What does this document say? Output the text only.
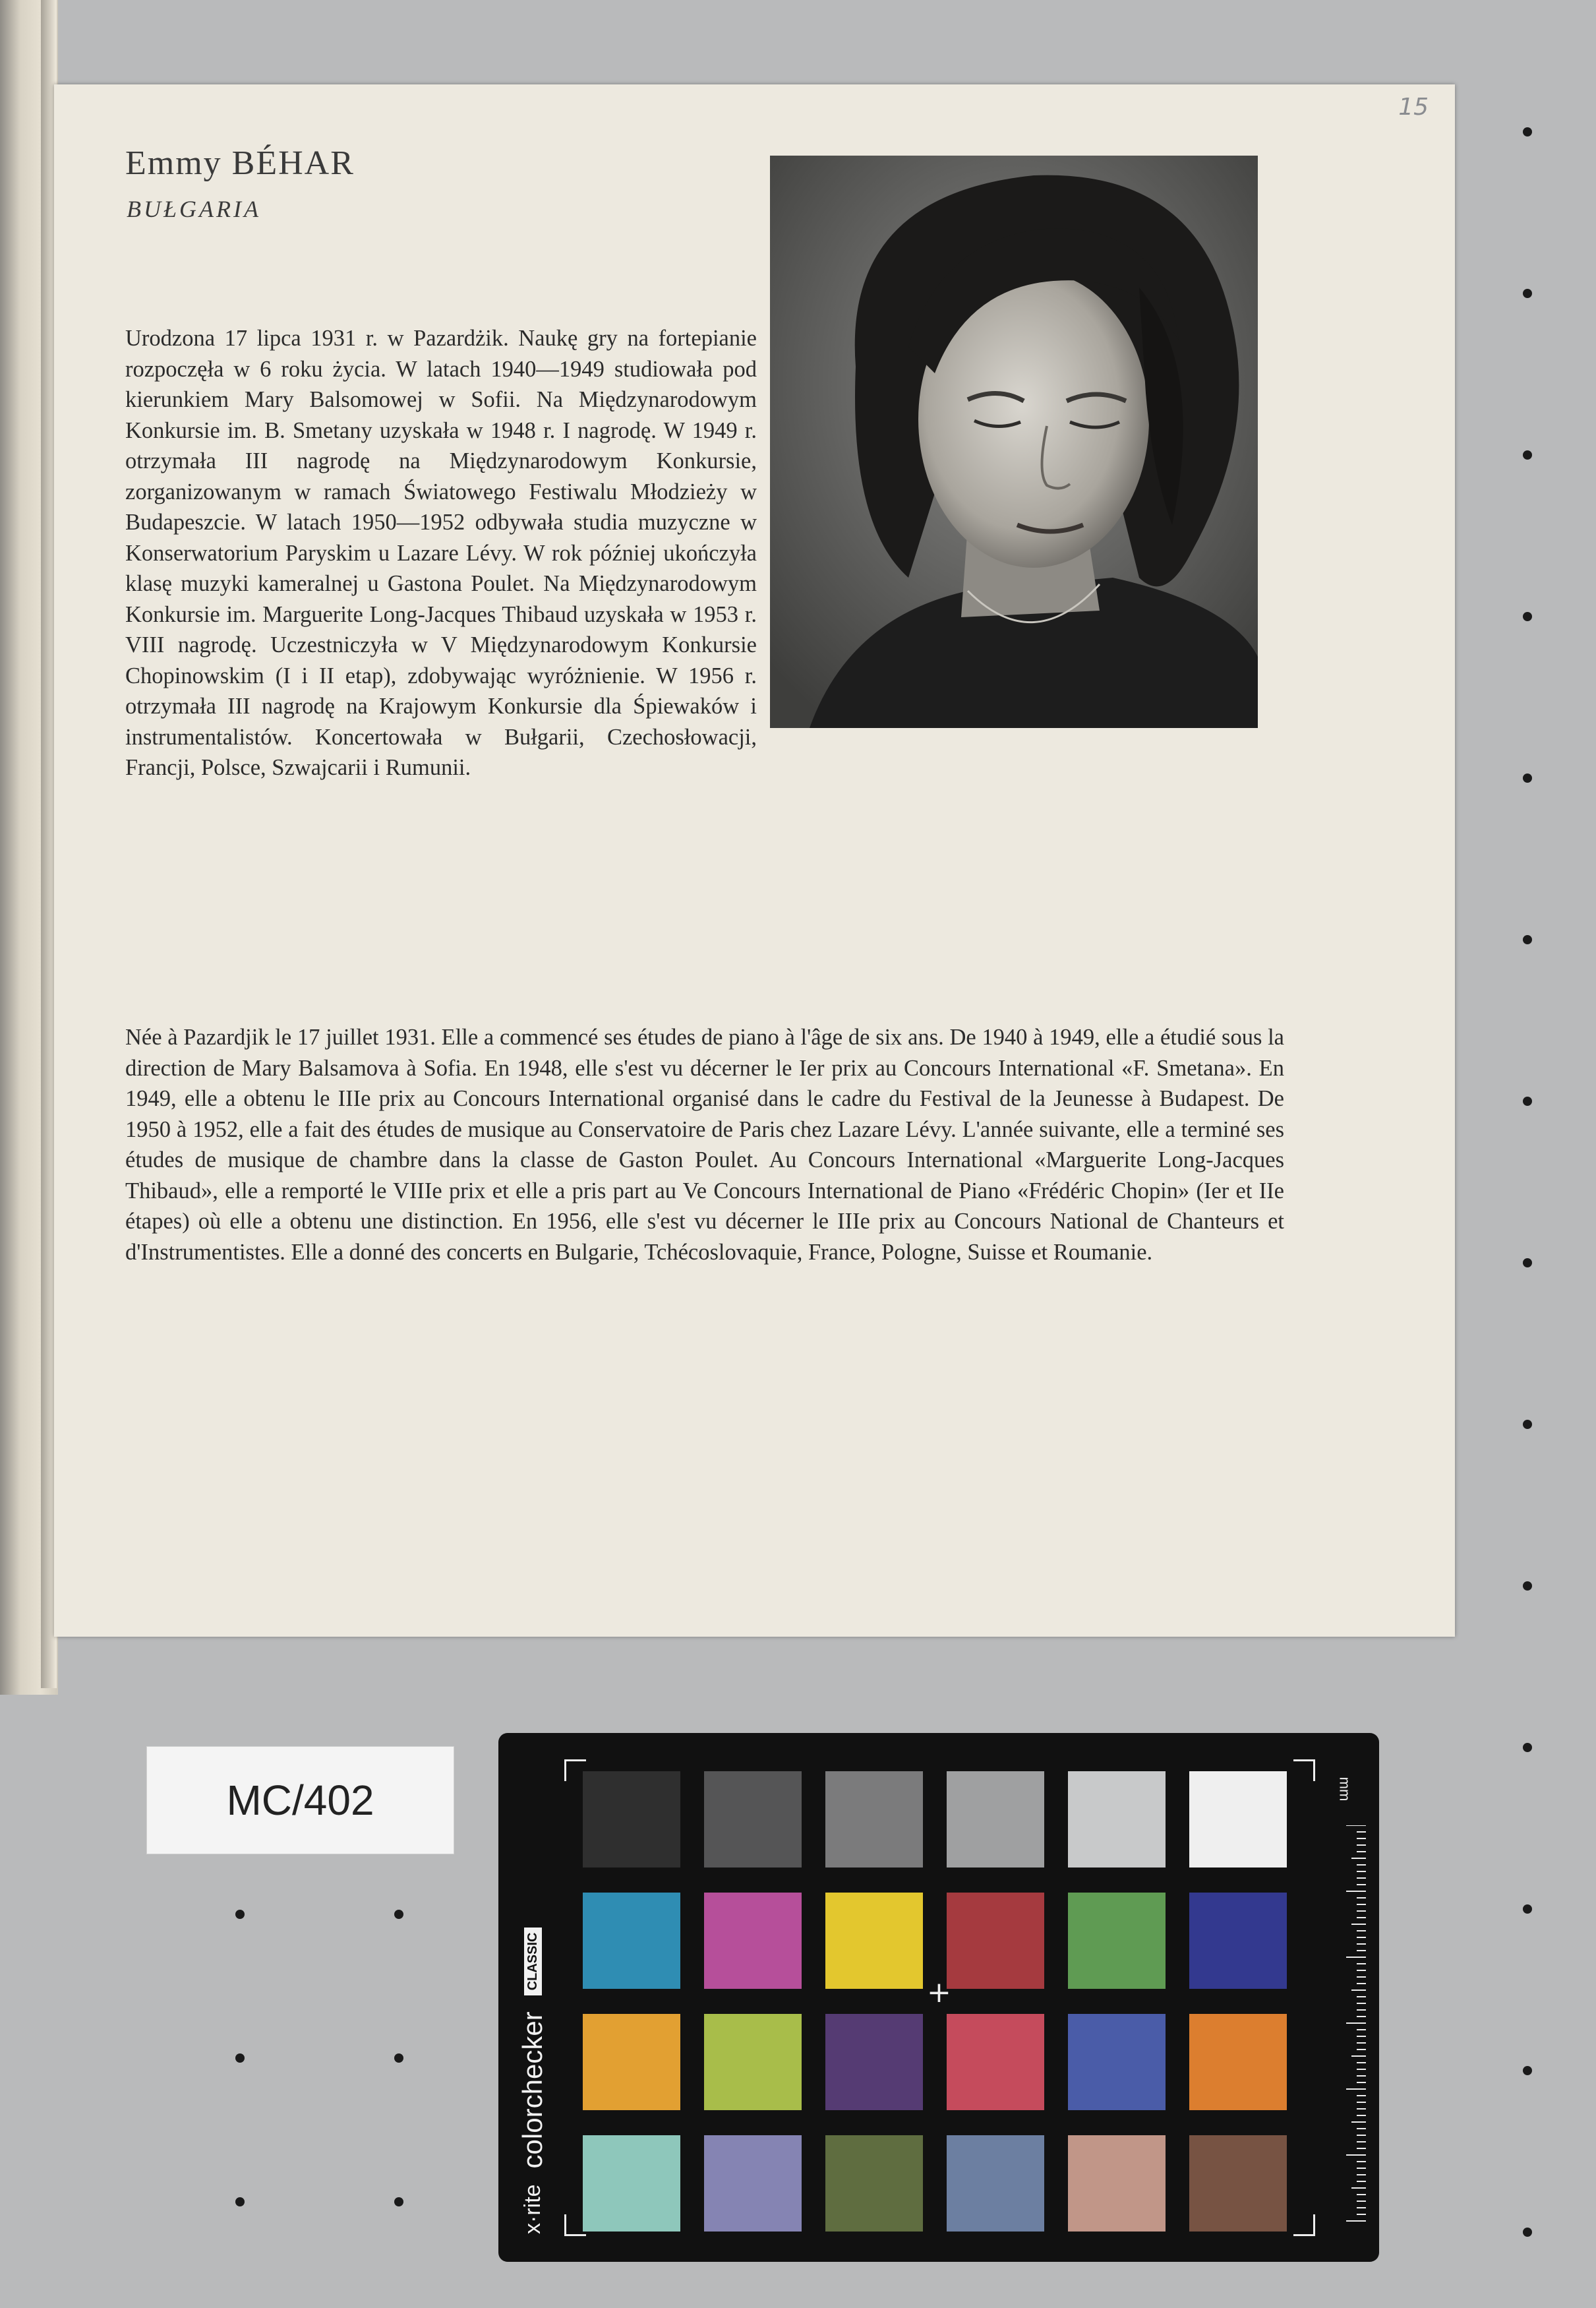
15
Emmy BÉHAR
BUŁGARIA
Urodzona 17 lipca 1931 r. w Pazardżik. Naukę gry na fortepianie rozpoczęła w 6 roku życia. W latach 1940—1949 studiowała pod kierunkiem Mary Balsomowej w Sofii. Na Międzynarodowym Konkursie im. B. Smetany uzyskała w 1948 r. I nagrodę. W 1949 r. otrzymała III nagrodę na Międzynarodowym Konkursie, zorganizowanym w ramach Światowego Festiwalu Młodzieży w Budapeszcie. W latach 1950—1952 odbywała studia muzyczne w Konserwatorium Paryskim u Lazare Lévy. W rok później ukończyła klasę muzyki kameralnej u Gastona Poulet. Na Międzynarodowym Konkursie im. Marguerite Long-Jacques Thibaud uzyskała w 1953 r. VIII nagrodę. Uczestniczyła w V Międzynarodowym Konkursie Chopinowskim (I i II etap), zdobywając wyróżnienie. W 1956 r. otrzymała III nagrodę na Krajowym Konkursie dla Śpiewaków i instrumentalistów. Koncertowała w Bułgarii, Czechosłowacji, Francji, Polsce, Szwajcarii i Rumunii.
Née à Pazardjik le 17 juillet 1931. Elle a commencé ses études de piano à l'âge de six ans. De 1940 à 1949, elle a étudié sous la direction de Mary Balsamova à Sofia. En 1948, elle s'est vu décerner le Ier prix au Concours International «F. Smetana». En 1949, elle a obtenu le IIIe prix au Concours International organisé dans le cadre du Festival de la Jeunesse à Budapest. De 1950 à 1952, elle a fait des études de musique au Conservatoire de Paris chez Lazare Lévy. L'année suivante, elle a terminé ses études de musique de chambre dans la classe de Gaston Poulet. Au Concours International «Marguerite Long-Jacques Thibaud», elle a remporté le VIIIe prix et elle a pris part au Ve Concours International de Piano «Frédéric Chopin» (Ier et IIe étapes) où elle a obtenu une distinction. En 1956, elle s'est vu décerner le IIIe prix au Concours National de Chanteurs et d'Instrumentistes. Elle a donné des concerts en Bulgarie, Tchécoslovaquie, France, Pologne, Suisse et Roumanie.
MC/402
x·rite
colorchecker
CLASSIC
+
mm
